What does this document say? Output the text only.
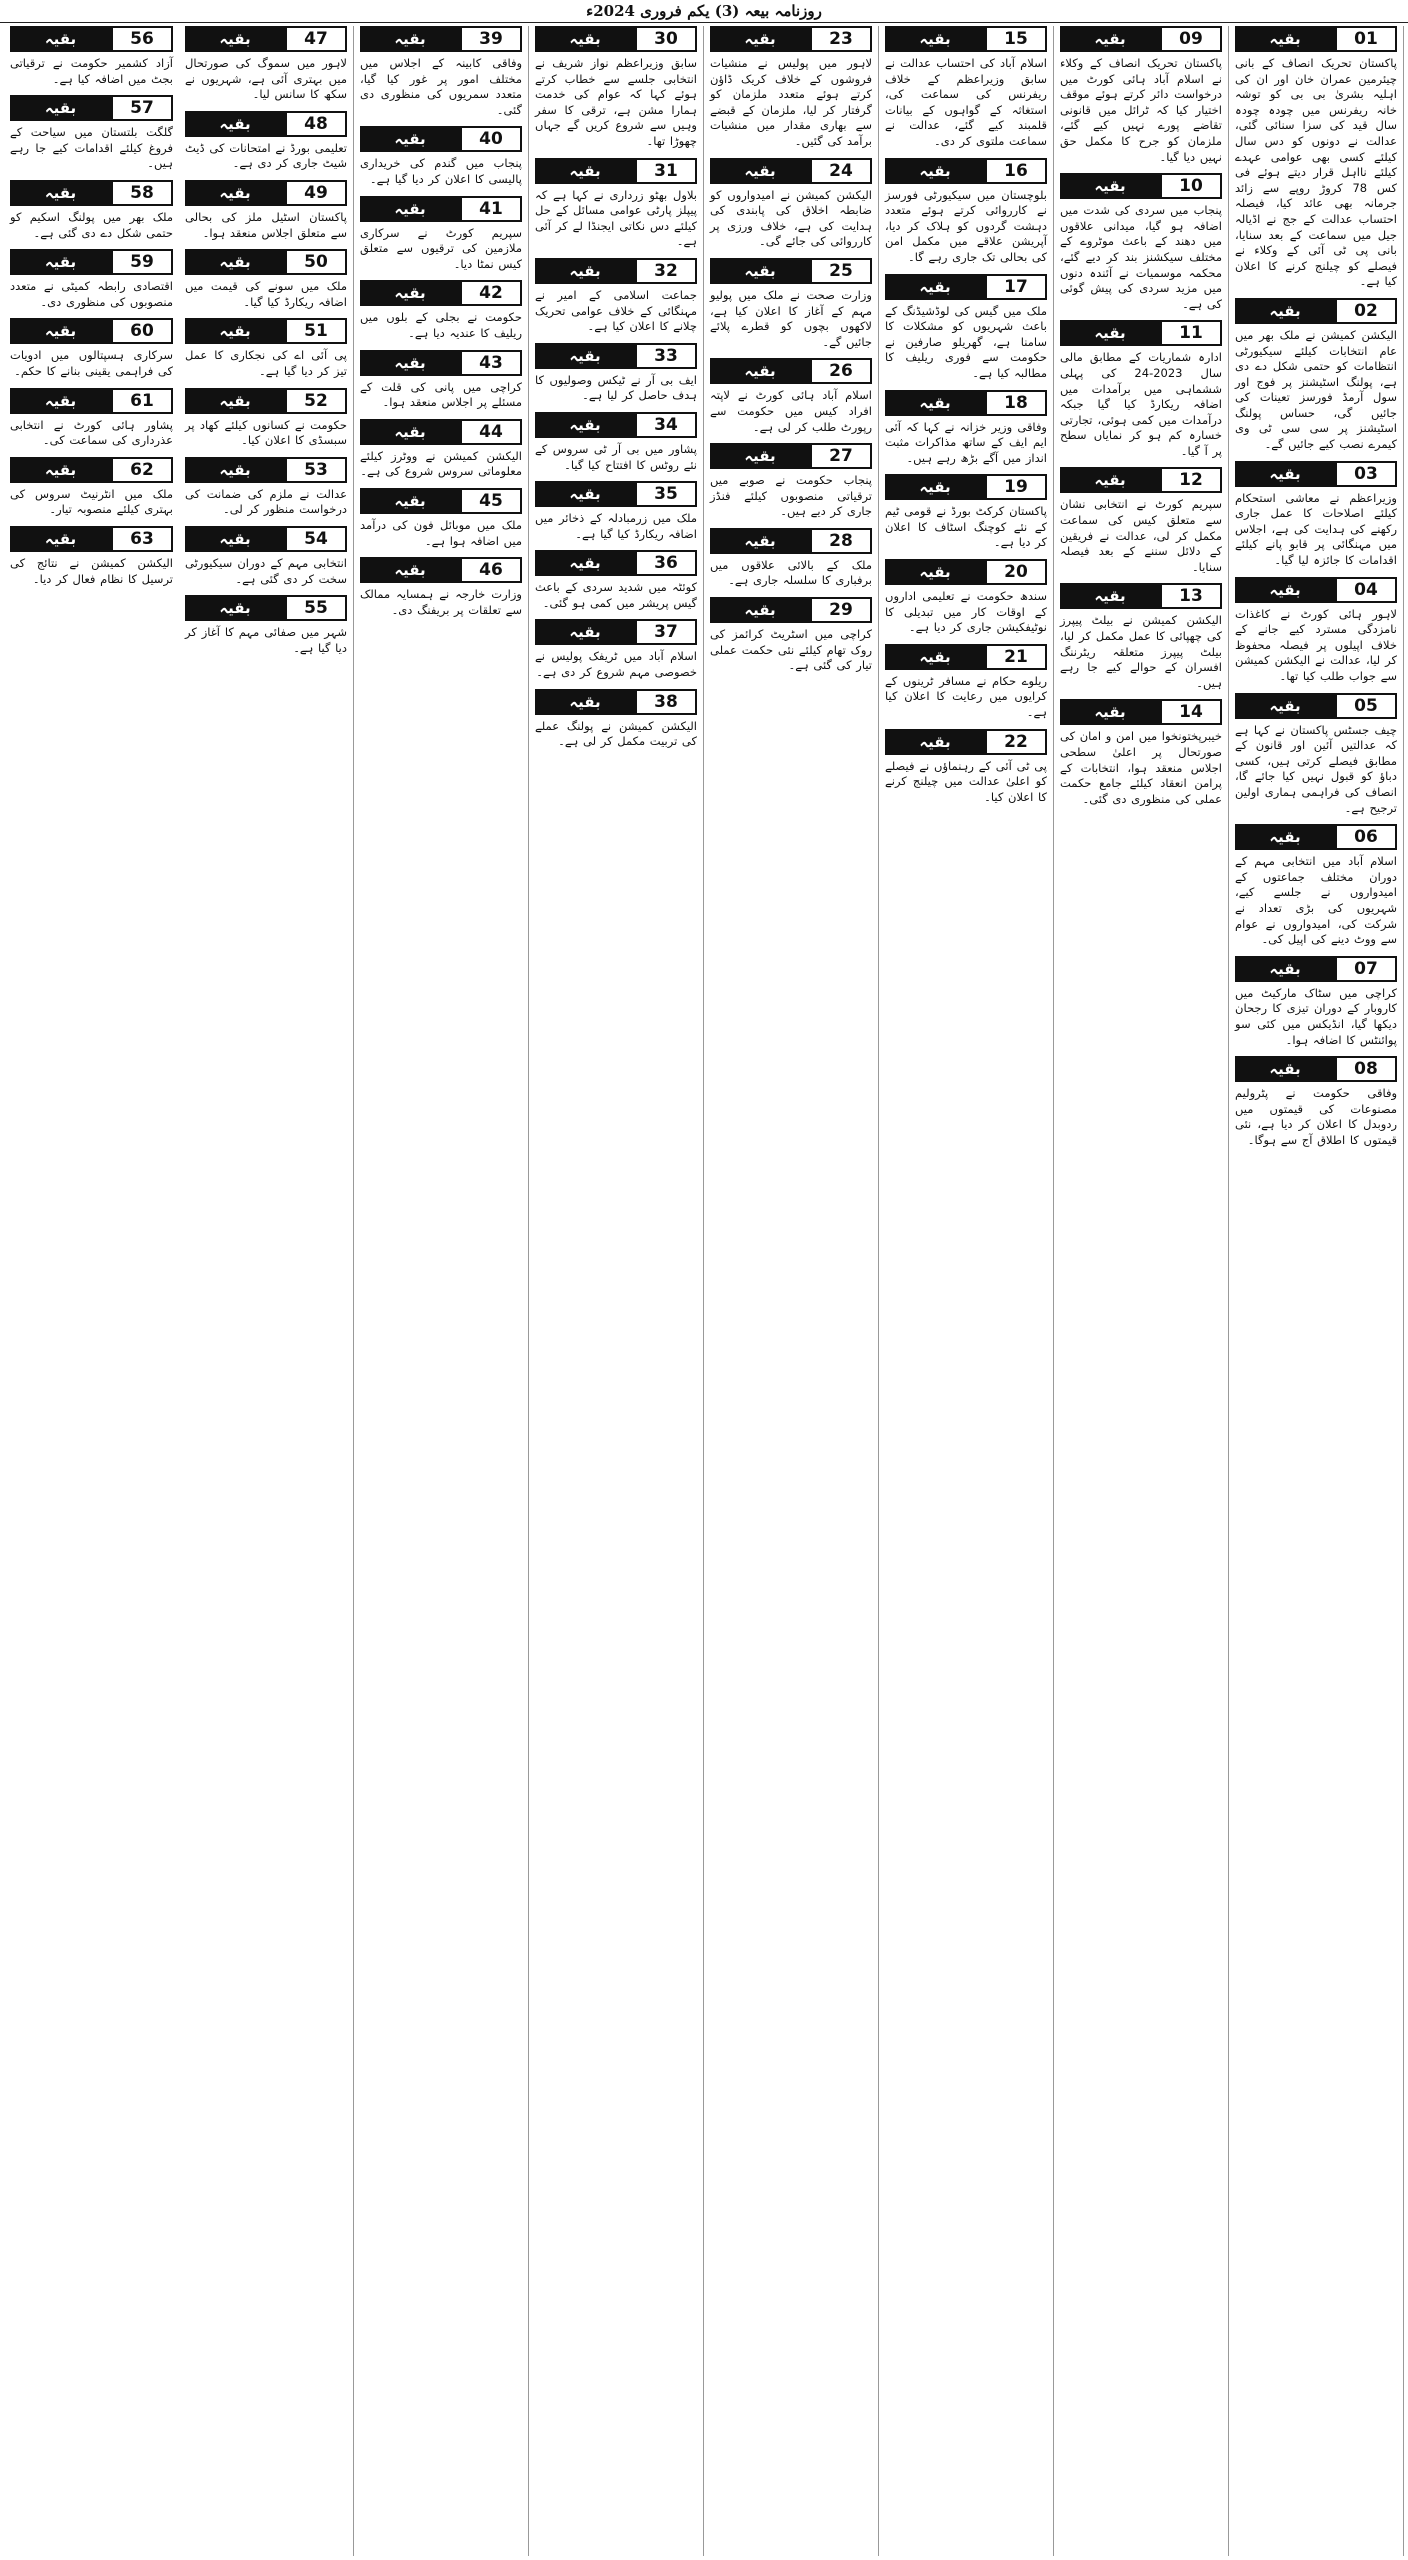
روزنامہ بیعہ (3) یکم فروری 2024ء
01
بقیہ
پاکستان تحریک انصاف کے بانی چیئرمین عمران خان اور ان کی اہلیہ بشریٰ بی بی کو توشہ خانہ ریفرنس میں چودہ چودہ سال قید کی سزا سنائی گئی، عدالت نے دونوں کو دس سال کیلئے کسی بھی عوامی عہدے کیلئے نااہل قرار دیتے ہوئے فی کس 78 کروڑ روپے سے زائد جرمانہ بھی عائد کیا، فیصلہ احتساب عدالت کے جج نے اڈیالہ جیل میں سماعت کے بعد سنایا، بانی پی ٹی آئی کے وکلاء نے فیصلے کو چیلنج کرنے کا اعلان کیا ہے۔
02
بقیہ
الیکشن کمیشن نے ملک بھر میں عام انتخابات کیلئے سیکیورٹی انتظامات کو حتمی شکل دے دی ہے، پولنگ اسٹیشنز پر فوج اور سول آرمڈ فورسز تعینات کی جائیں گی، حساس پولنگ اسٹیشنز پر سی سی ٹی وی کیمرے نصب کیے جائیں گے۔
03
بقیہ
وزیراعظم نے معاشی استحکام کیلئے اصلاحات کا عمل جاری رکھنے کی ہدایت کی ہے، اجلاس میں مہنگائی پر قابو پانے کیلئے اقدامات کا جائزہ لیا گیا۔
04
بقیہ
لاہور ہائی کورٹ نے کاغذات نامزدگی مسترد کیے جانے کے خلاف اپیلوں پر فیصلہ محفوظ کر لیا، عدالت نے الیکشن کمیشن سے جواب طلب کیا تھا۔
05
بقیہ
چیف جسٹس پاکستان نے کہا ہے کہ عدالتیں آئین اور قانون کے مطابق فیصلے کرتی ہیں، کسی دباؤ کو قبول نہیں کیا جائے گا، انصاف کی فراہمی ہماری اولین ترجیح ہے۔
06
بقیہ
اسلام آباد میں انتخابی مہم کے دوران مختلف جماعتوں کے امیدواروں نے جلسے کیے، شہریوں کی بڑی تعداد نے شرکت کی، امیدواروں نے عوام سے ووٹ دینے کی اپیل کی۔
07
بقیہ
کراچی میں سٹاک مارکیٹ میں کاروبار کے دوران تیزی کا رجحان دیکھا گیا، انڈیکس میں کئی سو پوائنٹس کا اضافہ ہوا۔
08
بقیہ
وفاقی حکومت نے پٹرولیم مصنوعات کی قیمتوں میں ردوبدل کا اعلان کر دیا ہے، نئی قیمتوں کا اطلاق آج سے ہوگا۔
09
بقیہ
پاکستان تحریک انصاف کے وکلاء نے اسلام آباد ہائی کورٹ میں درخواست دائر کرتے ہوئے موقف اختیار کیا کہ ٹرائل میں قانونی تقاضے پورے نہیں کیے گئے، ملزمان کو جرح کا مکمل حق نہیں دیا گیا۔
10
بقیہ
پنجاب میں سردی کی شدت میں اضافہ ہو گیا، میدانی علاقوں میں دھند کے باعث موٹروے کے مختلف سیکشنز بند کر دیے گئے، محکمہ موسمیات نے آئندہ دنوں میں مزید سردی کی پیش گوئی کی ہے۔
11
بقیہ
ادارہ شماریات کے مطابق مالی سال 2023-24 کی پہلی ششماہی میں برآمدات میں اضافہ ریکارڈ کیا گیا جبکہ درآمدات میں کمی ہوئی، تجارتی خسارہ کم ہو کر نمایاں سطح پر آ گیا۔
12
بقیہ
سپریم کورٹ نے انتخابی نشان سے متعلق کیس کی سماعت مکمل کر لی، عدالت نے فریقین کے دلائل سننے کے بعد فیصلہ سنایا۔
13
بقیہ
الیکشن کمیشن نے بیلٹ پیپرز کی چھپائی کا عمل مکمل کر لیا، بیلٹ پیپرز متعلقہ ریٹرننگ افسران کے حوالے کیے جا رہے ہیں۔
14
بقیہ
خیبرپختونخوا میں امن و امان کی صورتحال پر اعلیٰ سطحی اجلاس منعقد ہوا، انتخابات کے پرامن انعقاد کیلئے جامع حکمت عملی کی منظوری دی گئی۔
15
بقیہ
اسلام آباد کی احتساب عدالت نے سابق وزیراعظم کے خلاف ریفرنس کی سماعت کی، استغاثہ کے گواہوں کے بیانات قلمبند کیے گئے، عدالت نے سماعت ملتوی کر دی۔
16
بقیہ
بلوچستان میں سیکیورٹی فورسز نے کارروائی کرتے ہوئے متعدد دہشت گردوں کو ہلاک کر دیا، آپریشن علاقے میں مکمل امن کی بحالی تک جاری رہے گا۔
17
بقیہ
ملک میں گیس کی لوڈشیڈنگ کے باعث شہریوں کو مشکلات کا سامنا ہے، گھریلو صارفین نے حکومت سے فوری ریلیف کا مطالبہ کیا ہے۔
18
بقیہ
وفاقی وزیر خزانہ نے کہا کہ آئی ایم ایف کے ساتھ مذاکرات مثبت انداز میں آگے بڑھ رہے ہیں۔
19
بقیہ
پاکستان کرکٹ بورڈ نے قومی ٹیم کے نئے کوچنگ اسٹاف کا اعلان کر دیا ہے۔
20
بقیہ
سندھ حکومت نے تعلیمی اداروں کے اوقات کار میں تبدیلی کا نوٹیفکیشن جاری کر دیا ہے۔
21
بقیہ
ریلوے حکام نے مسافر ٹرینوں کے کرایوں میں رعایت کا اعلان کیا ہے۔
22
بقیہ
پی ٹی آئی کے رہنماؤں نے فیصلے کو اعلیٰ عدالت میں چیلنج کرنے کا اعلان کیا۔
23
بقیہ
لاہور میں پولیس نے منشیات فروشوں کے خلاف کریک ڈاؤن کرتے ہوئے متعدد ملزمان کو گرفتار کر لیا، ملزمان کے قبضے سے بھاری مقدار میں منشیات برآمد کی گئیں۔
24
بقیہ
الیکشن کمیشن نے امیدواروں کو ضابطہ اخلاق کی پابندی کی ہدایت کی ہے، خلاف ورزی پر کارروائی کی جائے گی۔
25
بقیہ
وزارت صحت نے ملک میں پولیو مہم کے آغاز کا اعلان کیا ہے، لاکھوں بچوں کو قطرے پلائے جائیں گے۔
26
بقیہ
اسلام آباد ہائی کورٹ نے لاپتہ افراد کیس میں حکومت سے رپورٹ طلب کر لی ہے۔
27
بقیہ
پنجاب حکومت نے صوبے میں ترقیاتی منصوبوں کیلئے فنڈز جاری کر دیے ہیں۔
28
بقیہ
ملک کے بالائی علاقوں میں برفباری کا سلسلہ جاری ہے۔
29
بقیہ
کراچی میں اسٹریٹ کرائمز کی روک تھام کیلئے نئی حکمت عملی تیار کی گئی ہے۔
30
بقیہ
سابق وزیراعظم نواز شریف نے انتخابی جلسے سے خطاب کرتے ہوئے کہا کہ عوام کی خدمت ہمارا مشن ہے، ترقی کا سفر وہیں سے شروع کریں گے جہاں چھوڑا تھا۔
31
بقیہ
بلاول بھٹو زرداری نے کہا ہے کہ پیپلز پارٹی عوامی مسائل کے حل کیلئے دس نکاتی ایجنڈا لے کر آئی ہے۔
32
بقیہ
جماعت اسلامی کے امیر نے مہنگائی کے خلاف عوامی تحریک چلانے کا اعلان کیا ہے۔
33
بقیہ
ایف بی آر نے ٹیکس وصولیوں کا ہدف حاصل کر لیا ہے۔
34
بقیہ
پشاور میں بی آر ٹی سروس کے نئے روٹس کا افتتاح کیا گیا۔
35
بقیہ
ملک میں زرمبادلہ کے ذخائر میں اضافہ ریکارڈ کیا گیا ہے۔
36
بقیہ
کوئٹہ میں شدید سردی کے باعث گیس پریشر میں کمی ہو گئی۔
37
بقیہ
اسلام آباد میں ٹریفک پولیس نے خصوصی مہم شروع کر دی ہے۔
38
بقیہ
الیکشن کمیشن نے پولنگ عملے کی تربیت مکمل کر لی ہے۔
39
بقیہ
وفاقی کابینہ کے اجلاس میں مختلف امور پر غور کیا گیا، متعدد سمریوں کی منظوری دی گئی۔
40
بقیہ
پنجاب میں گندم کی خریداری پالیسی کا اعلان کر دیا گیا ہے۔
41
بقیہ
سپریم کورٹ نے سرکاری ملازمین کی ترقیوں سے متعلق کیس نمٹا دیا۔
42
بقیہ
حکومت نے بجلی کے بلوں میں ریلیف کا عندیہ دیا ہے۔
43
بقیہ
کراچی میں پانی کی قلت کے مسئلے پر اجلاس منعقد ہوا۔
44
بقیہ
الیکشن کمیشن نے ووٹرز کیلئے معلوماتی سروس شروع کی ہے۔
45
بقیہ
ملک میں موبائل فون کی درآمد میں اضافہ ہوا ہے۔
46
بقیہ
وزارت خارجہ نے ہمسایہ ممالک سے تعلقات پر بریفنگ دی۔
47
بقیہ
لاہور میں سموگ کی صورتحال میں بہتری آئی ہے، شہریوں نے سکھ کا سانس لیا۔
48
بقیہ
تعلیمی بورڈ نے امتحانات کی ڈیٹ شیٹ جاری کر دی ہے۔
49
بقیہ
پاکستان اسٹیل ملز کی بحالی سے متعلق اجلاس منعقد ہوا۔
50
بقیہ
ملک میں سونے کی قیمت میں اضافہ ریکارڈ کیا گیا۔
51
بقیہ
پی آئی اے کی نجکاری کا عمل تیز کر دیا گیا ہے۔
52
بقیہ
حکومت نے کسانوں کیلئے کھاد پر سبسڈی کا اعلان کیا۔
53
بقیہ
عدالت نے ملزم کی ضمانت کی درخواست منظور کر لی۔
54
بقیہ
انتخابی مہم کے دوران سیکیورٹی سخت کر دی گئی ہے۔
55
بقیہ
شہر میں صفائی مہم کا آغاز کر دیا گیا ہے۔
56
بقیہ
آزاد کشمیر حکومت نے ترقیاتی بجٹ میں اضافہ کیا ہے۔
57
بقیہ
گلگت بلتستان میں سیاحت کے فروغ کیلئے اقدامات کیے جا رہے ہیں۔
58
بقیہ
ملک بھر میں پولنگ اسکیم کو حتمی شکل دے دی گئی ہے۔
59
بقیہ
اقتصادی رابطہ کمیٹی نے متعدد منصوبوں کی منظوری دی۔
60
بقیہ
سرکاری ہسپتالوں میں ادویات کی فراہمی یقینی بنانے کا حکم۔
61
بقیہ
پشاور ہائی کورٹ نے انتخابی عذرداری کی سماعت کی۔
62
بقیہ
ملک میں انٹرنیٹ سروس کی بہتری کیلئے منصوبہ تیار۔
63
بقیہ
الیکشن کمیشن نے نتائج کی ترسیل کا نظام فعال کر دیا۔
